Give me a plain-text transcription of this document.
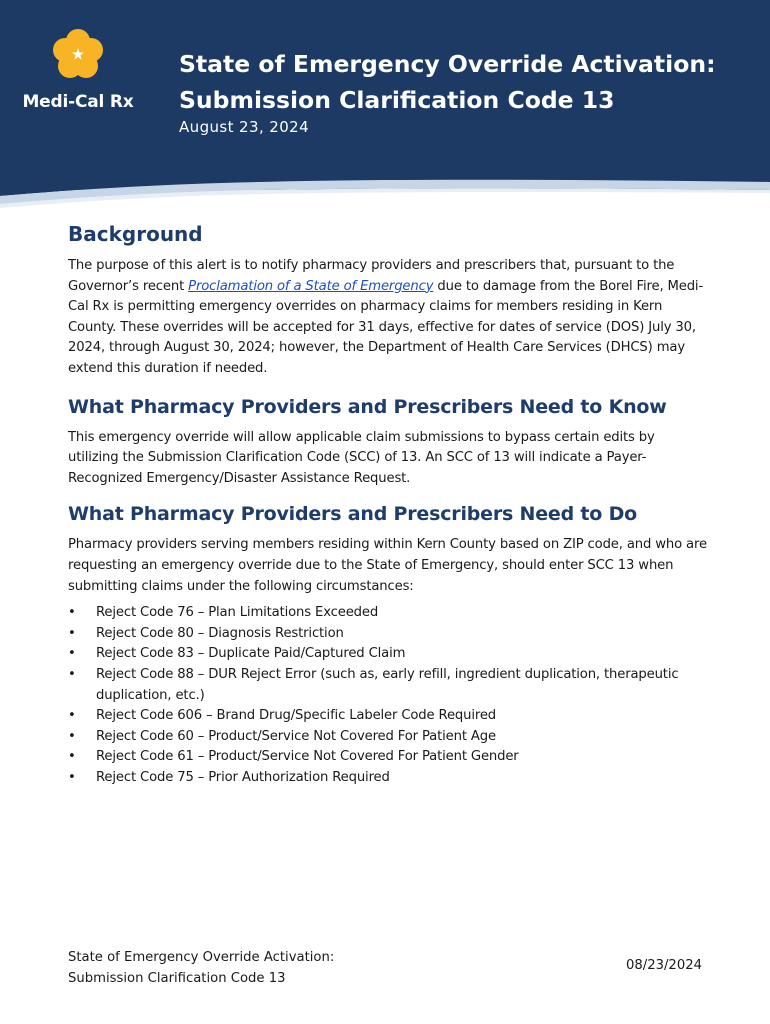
Medi-Cal Rx
State of Emergency Override Activation:
Submission Clarification Code 13
August 23, 2024
Background

The purpose of this alert is to notify pharmacy providers and prescribers that, pursuant to the Governor’s recent Proclamation of a State of Emergency due to damage from the Borel Fire, Medi-Cal Rx is permitting emergency overrides on pharmacy claims for members residing in Kern County. These overrides will be accepted for 31 days, effective for dates of service (DOS) July 30, 2024, through August 30, 2024; however, the Department of Health Care Services (DHCS) may extend this duration if needed.

What Pharmacy Providers and Prescribers Need to Know

This emergency override will allow applicable claim submissions to bypass certain edits by utilizing the Submission Clarification Code (SCC) of 13. An SCC of 13 will indicate a Payer-Recognized Emergency/Disaster Assistance Request.

What Pharmacy Providers and Prescribers Need to Do

Pharmacy providers serving members residing within Kern County based on ZIP code, and who are requesting an emergency override due to the State of Emergency, should enter SCC 13 when submitting claims under the following circumstances:

• Reject Code 76 – Plan Limitations Exceeded
• Reject Code 80 – Diagnosis Restriction
• Reject Code 83 – Duplicate Paid/Captured Claim
• Reject Code 88 – DUR Reject Error (such as, early refill, ingredient duplication, therapeutic duplication, etc.)
• Reject Code 606 – Brand Drug/Specific Labeler Code Required
• Reject Code 60 – Product/Service Not Covered For Patient Age
• Reject Code 61 – Product/Service Not Covered For Patient Gender
• Reject Code 75 – Prior Authorization Required
State of Emergency Override Activation:
Submission Clarification Code 13
08/23/2024
